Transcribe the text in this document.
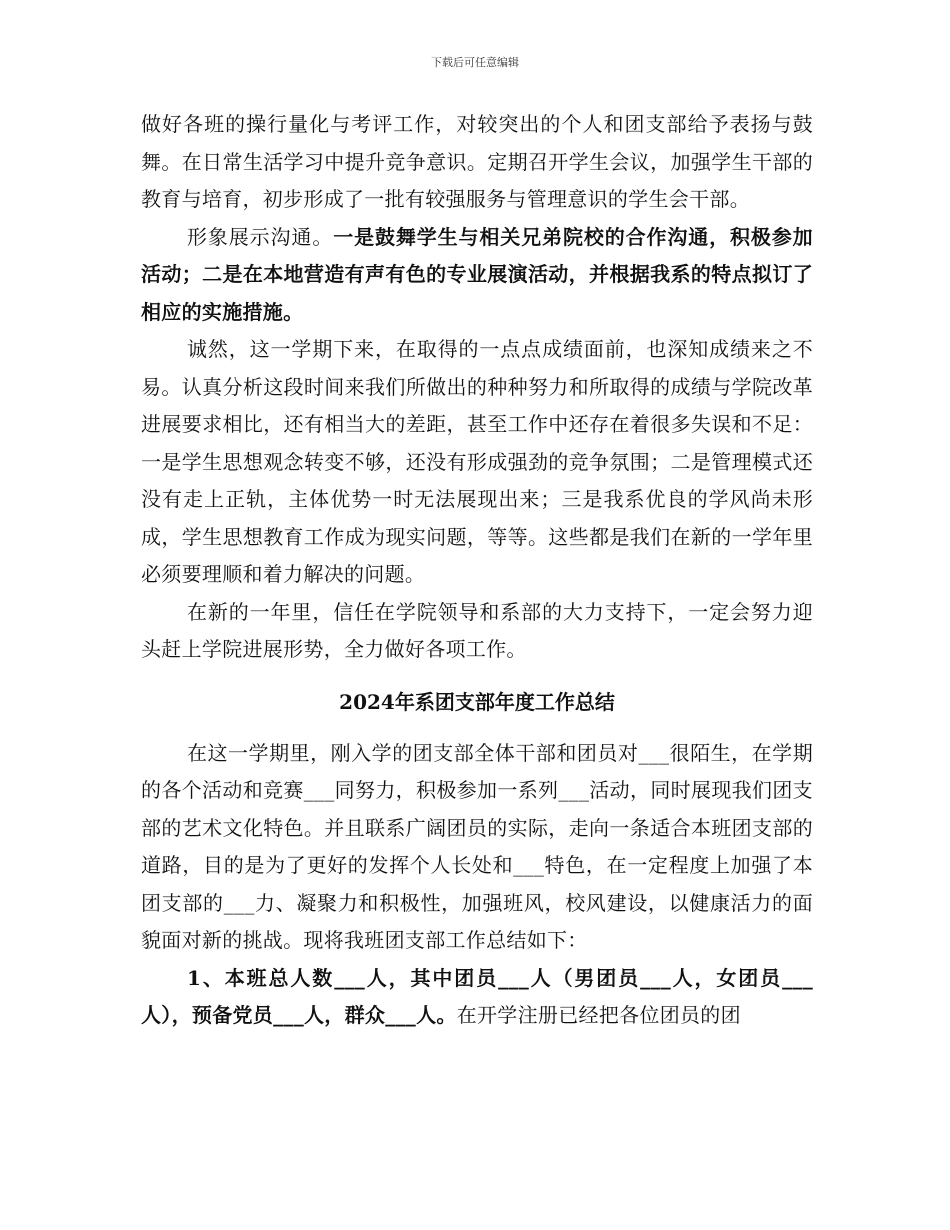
下载后可任意编辑

做好各班的操行量化与考评工作，对较突出的个人和团支部给予表扬与鼓舞。在日常生活学习中提升竞争意识。定期召开学生会议，加强学生干部的教育与培育，初步形成了一批有较强服务与管理意识的学生会干部。

形象展示沟通。一是鼓舞学生与相关兄弟院校的合作沟通，积极参加活动；二是在本地营造有声有色的专业展演活动，并根据我系的特点拟订了相应的实施措施。

诚然，这一学期下来，在取得的一点点成绩面前，也深知成绩来之不易。认真分析这段时间来我们所做出的种种努力和所取得的成绩与学院改革进展要求相比，还有相当大的差距，甚至工作中还存在着很多失误和不足：一是学生思想观念转变不够，还没有形成强劲的竞争氛围；二是管理模式还没有走上正轨，主体优势一时无法展现出来；三是我系优良的学风尚未形成，学生思想教育工作成为现实问题，等等。这些都是我们在新的一学年里必须要理顺和着力解决的问题。

在新的一年里，信任在学院领导和系部的大力支持下，一定会努力迎头赶上学院进展形势，全力做好各项工作。

2024年系团支部年度工作总结

在这一学期里，刚入学的团支部全体干部和团员对___很陌生，在学期的各个活动和竞赛___同努力，积极参加一系列___活动，同时展现我们团支部的艺术文化特色。并且联系广阔团员的实际，走向一条适合本班团支部的道路，目的是为了更好的发挥个人长处和___特色，在一定程度上加强了本团支部的___力、凝聚力和积极性，加强班风，校风建设，以健康活力的面貌面对新的挑战。现将我班团支部工作总结如下：

1、本班总人数___人，其中团员___人（男团员___人，女团员___人），预备党员___人，群众___人。在开学注册已经把各位团员的团
